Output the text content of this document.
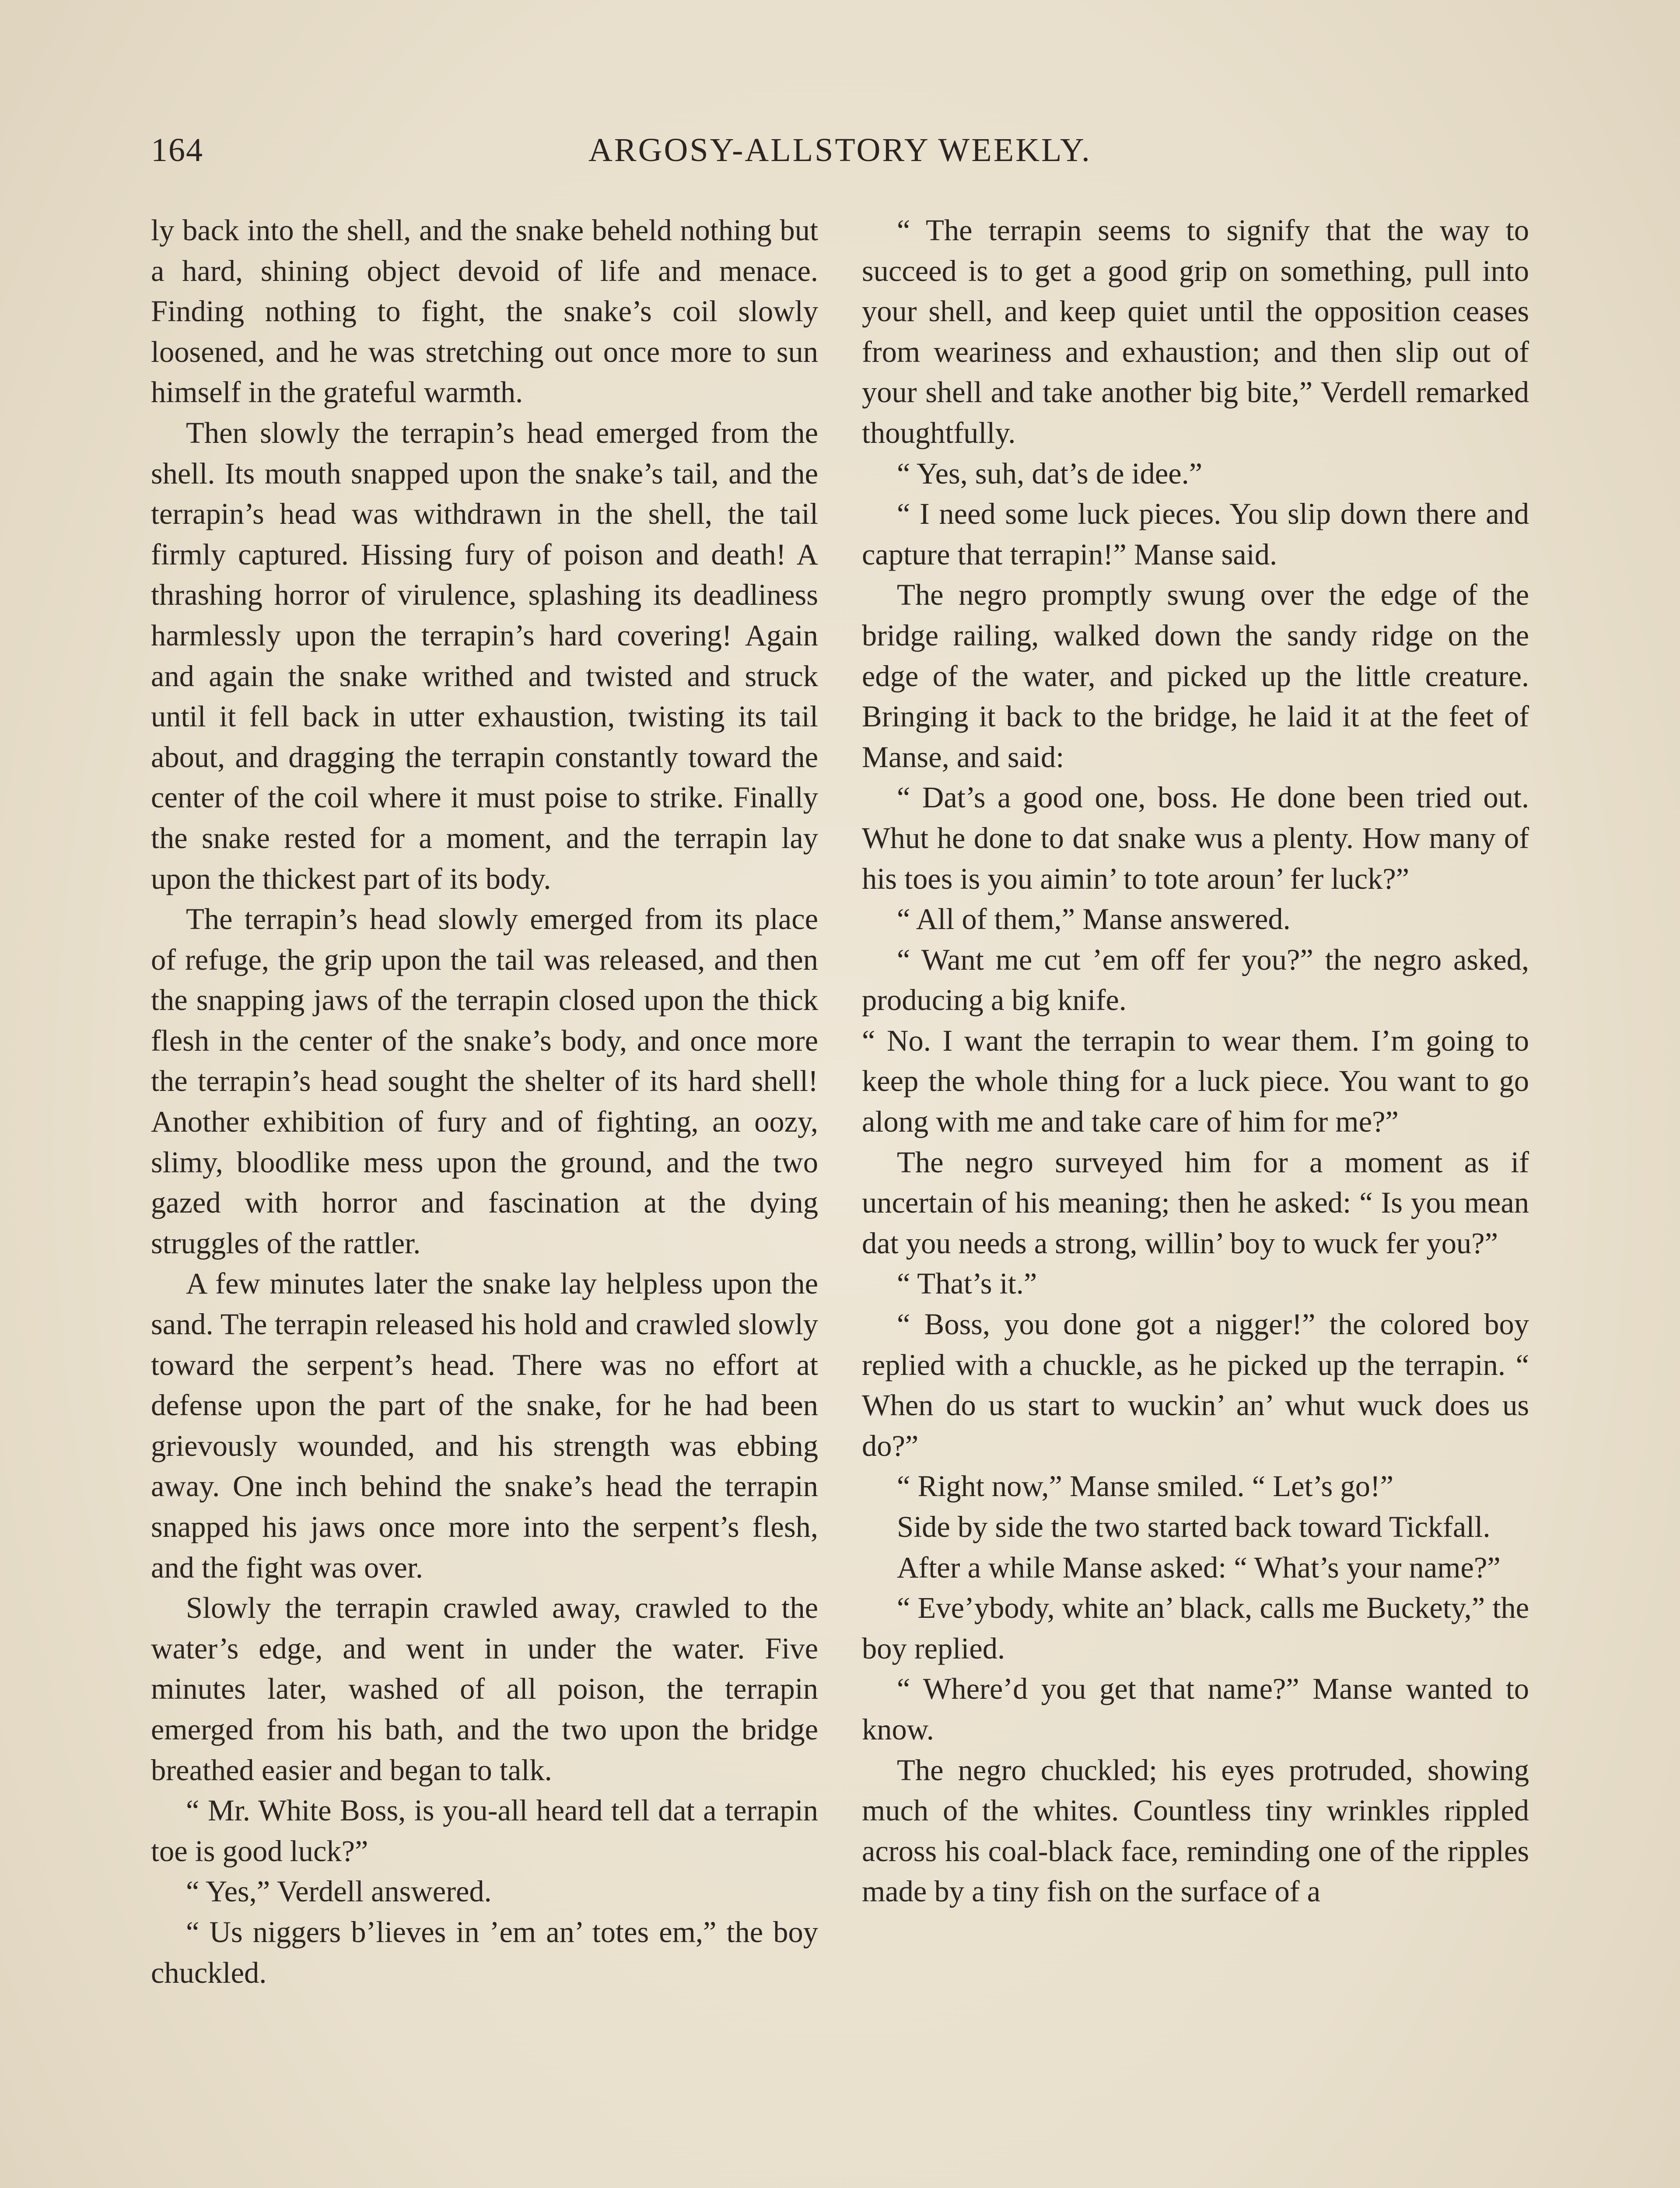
164	ARGOSY-ALLSTORY WEEKLY.

ly back into the shell, and the snake beheld nothing but a hard, shining object devoid of life and menace. Finding nothing to fight, the snake’s coil slowly loosened, and he was stretching out once more to sun himself in the grateful warmth.

Then slowly the terrapin’s head emerged from the shell. Its mouth snapped upon the snake’s tail, and the terrapin’s head was withdrawn in the shell, the tail firmly captured. Hissing fury of poison and death! A thrashing horror of virulence, splashing its deadliness harmlessly upon the terrapin’s hard covering! Again and again the snake writhed and twisted and struck until it fell back in utter exhaustion, twisting its tail about, and dragging the terrapin constantly toward the center of the coil where it must poise to strike. Finally the snake rested for a moment, and the terrapin lay upon the thickest part of its body.

The terrapin’s head slowly emerged from its place of refuge, the grip upon the tail was released, and then the snapping jaws of the terrapin closed upon the thick flesh in the center of the snake’s body, and once more the terrapin’s head sought the shelter of its hard shell! Another exhibition of fury and of fighting, an oozy, slimy, bloodlike mess upon the ground, and the two gazed with horror and fascination at the dying struggles of the rattler.

A few minutes later the snake lay helpless upon the sand. The terrapin released his hold and crawled slowly toward the serpent’s head. There was no effort at defense upon the part of the snake, for he had been grievously wounded, and his strength was ebbing away. One inch behind the snake’s head the terrapin snapped his jaws once more into the serpent’s flesh, and the fight was over.

Slowly the terrapin crawled away, crawled to the water’s edge, and went in under the water. Five minutes later, washed of all poison, the terrapin emerged from his bath, and the two upon the bridge breathed easier and began to talk.

“ Mr. White Boss, is you-all heard tell dat a terrapin toe is good luck?”

“ Yes,” Verdell answered.

“ Us niggers b’lieves in ’em an’ totes em,” the boy chuckled.

“ The terrapin seems to signify that the way to succeed is to get a good grip on something, pull into your shell, and keep quiet until the opposition ceases from weariness and exhaustion; and then slip out of your shell and take another big bite,” Verdell remarked thoughtfully.

“ Yes, suh, dat’s de idee.”

“ I need some luck pieces. You slip down there and capture that terrapin!” Manse said.

The negro promptly swung over the edge of the bridge railing, walked down the sandy ridge on the edge of the water, and picked up the little creature. Bringing it back to the bridge, he laid it at the feet of Manse, and said:

“ Dat’s a good one, boss. He done been tried out. Whut he done to dat snake wus a plenty. How many of his toes is you aimin’ to tote aroun’ fer luck?”

“ All of them,” Manse answered.

“ Want me cut ’em off fer you?” the negro asked, producing a big knife.

“ No. I want the terrapin to wear them. I’m going to keep the whole thing for a luck piece. You want to go along with me and take care of him for me?”

The negro surveyed him for a moment as if uncertain of his meaning; then he asked: “ Is you mean dat you needs a strong, willin’ boy to wuck fer you?”

“ That’s it.”

“ Boss, you done got a nigger!” the colored boy replied with a chuckle, as he picked up the terrapin. “ When do us start to wuckin’ an’ whut wuck does us do?”

“ Right now,” Manse smiled. “ Let’s go!”

Side by side the two started back toward Tickfall.

After a while Manse asked: “ What’s your name?”

“ Eve’ybody, white an’ black, calls me Buckety,” the boy replied.

“ Where’d you get that name?” Manse wanted to know.

The negro chuckled; his eyes protruded, showing much of the whites. Countless tiny wrinkles rippled across his coal-black face, reminding one of the ripples made by a tiny fish on the surface of a
